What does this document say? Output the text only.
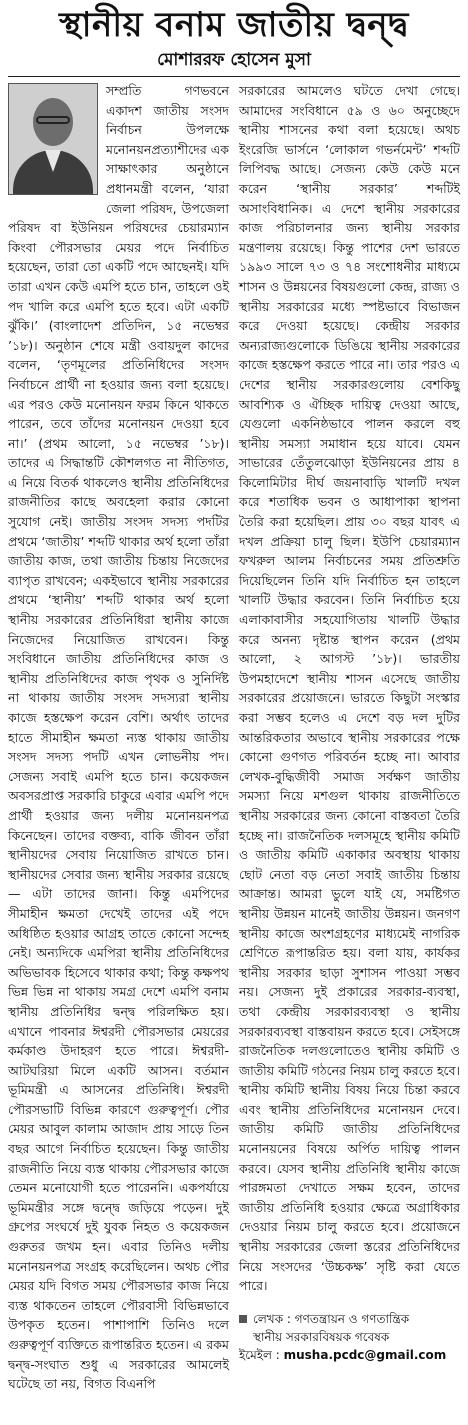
স্থানীয় বনাম জাতীয় দ্বন্দ্ব
মোশাররফ হোসেন মুসা

সম্প্রতি গণভবনে একাদশ জাতীয় সংসদ নির্বাচন উপলক্ষে মনোনয়নপ্রত্যাশীদের এক সাক্ষাৎকার অনুষ্ঠানে প্রধানমন্ত্রী বলেন, ‘যারা জেলা পরিষদ, উপজেলা পরিষদ বা ইউনিয়ন পরিষদের চেয়ারম্যান কিংবা পৌরসভার মেয়র পদে নির্বাচিত হয়েছেন, তারা তো একটি পদে আছেনই। যদি তারা এখন কেউ এমপি হতে চান, তাহলে ওই পদ খালি করে এমপি হতে হবে। এটা একটি ঝুঁকি।’ (বাংলাদেশ প্রতিদিন, ১৫ নভেম্বর ’১৮)। অনুষ্ঠান শেষে মন্ত্রী ওবায়দুল কাদের বলেন, ‘তৃণমূলের প্রতিনিধিদের সংসদ নির্বাচনে প্রার্থী না হওয়ার জন্য বলা হয়েছে। এর পরও কেউ মনোনয়ন ফরম কিনে থাকতে পারেন, তবে তাঁদের মনোনয়ন দেওয়া হবে না।’ (প্রথম আলো, ১৫ নভেম্বর ’১৮)। তাদের এ সিদ্ধান্তটি কৌশলগত না নীতিগত, এ নিয়ে বিতর্ক থাকলেও স্থানীয় প্রতিনিধিদের রাজনীতির কাছে অবহেলা করার কোনো সুযোগ নেই। জাতীয় সংসদ সদস্য পদটির প্রথমে ‘জাতীয়’ শব্দটি থাকার অর্থ হলো তাঁরা জাতীয় কাজ, তথা জাতীয় চিন্তায় নিজেদের ব্যাপৃত রাখবেন; একইভাবে স্থানীয় সরকারের প্রথমে ‘স্থানীয়’ শব্দটি থাকার অর্থ হলো স্থানীয় সরকারের প্রতিনিধিরা স্থানীয় কাজে নিজেদের নিয়োজিত রাখবেন। কিন্তু সংবিধানে জাতীয় প্রতিনিধিদের কাজ ও স্থানীয় প্রতিনিধিদের কাজ পৃথক ও সুনির্দিষ্ট না থাকায় জাতীয় সংসদ সদস্যরা স্থানীয় কাজে হস্তক্ষেপ করেন বেশি। অর্থাৎ তাদের হাতে সীমাহীন ক্ষমতা ন্যস্ত থাকায় জাতীয় সংসদ সদস্য পদটি এখন লোভনীয় পদ। সেজন্য সবাই এমপি হতে চান। কয়েকজন অবসরপ্রাপ্ত সরকারি চাকুরে এবার এমপি পদে প্রার্থী হওয়ার জন্য দলীয় মনোনয়নপত্র কিনেছেন। তাদের বক্তব্য, বাকি জীবন তাঁরা স্থানীয়দের সেবায় নিয়োজিত রাখতে চান। স্থানীয়দের সেবার জন্য স্থানীয় সরকার রয়েছে— এটা তাদের জানা। কিন্তু এমপিদের সীমাহীন ক্ষমতা দেখেই তাদের এই পদে অধিষ্ঠিত হওয়ার আগ্রহ তাতে কোনো সন্দেহ নেই। অন্যদিকে এমপিরা স্থানীয় প্রতিনিধিদের অভিভাবক হিসেবে থাকার কথা; কিন্তু কক্ষপথ ভিন্ন ভিন্ন না থাকায় সমগ্র দেশে এমপি বনাম স্থানীয় প্রতিনিধির দ্বন্দ্ব পরিলক্ষিত হয়। এখানে পাবনার ঈশ্বরদী পৌরসভার মেয়রের কর্মকাণ্ড উদাহরণ হতে পারে। ঈশ্বরদী-আটঘরিয়া মিলে একটি আসন। বর্তমান ভূমিমন্ত্রী এ আসনের প্রতিনিধি। ঈশ্বরদী পৌরসভাটি বিভিন্ন কারণে গুরুত্বপূর্ণ। পৌর মেয়র আবুল কালাম আজাদ প্রায় সাড়ে তিন বছর আগে নির্বাচিত হয়েছেন। কিন্তু জাতীয় রাজনীতি নিয়ে ব্যস্ত থাকায় পৌরসভার কাজে তেমন মনোযোগী হতে পারেননি। একপর্যায়ে ভূমিমন্ত্রীর সঙ্গে দ্বন্দ্বে জড়িয়ে পড়েন। দুই গ্রুপের সংঘর্ষে দুই যুবক নিহত ও কয়েকজন গুরুতর জখম হন। এবার তিনিও দলীয় মনোনয়নপত্র সংগ্রহ করেছিলেন। অথচ পৌর মেয়র যদি বিগত সময় পৌরসভার কাজ নিয়ে ব্যস্ত থাকতেন তাহলে পৌরবাসী বিভিন্নভাবে উপকৃত হতেন। পাশাপাশি তিনিও দলে গুরুত্বপূর্ণ ব্যক্তিতে রূপান্তরিত হতেন। এ রকম দ্বন্দ্ব-সংঘাত শুধু এ সরকারের আমলেই ঘটেছে তা নয়, বিগত বিএনপি

সরকারের আমলেও ঘটতে দেখা গেছে। আমাদের সংবিধানে ৫৯ ও ৬০ অনুচ্ছেদে স্থানীয় শাসনের কথা বলা হয়েছে। অথচ ইংরেজি ভার্সনে ‘লোকাল গভর্নমেন্ট’ শব্দটি লিপিবদ্ধ আছে। সেজন্য কেউ কেউ মনে করেন ‘স্থানীয় সরকার’ শব্দটিই অসাংবিধানিক। এ দেশে স্থানীয় সরকারের কাজ পরিচালনার জন্য স্থানীয় সরকার মন্ত্রণালয় রয়েছে। কিন্তু পাশের দেশ ভারতে ১৯৯৩ সালে ৭৩ ও ৭৪ সংশোধনীর মাধ্যমে শাসন ও উন্নয়নের বিষয়গুলো কেন্দ্র, রাজ্য ও স্থানীয় সরকারের মধ্যে স্পষ্টভাবে বিভাজন করে দেওয়া হয়েছে। কেন্দ্রীয় সরকার অন্যরাজ্যগুলোকে ডিঙিয়ে স্থানীয় সরকারের কাজে হস্তক্ষেপ করতে পারে না। তার পরও এ দেশের স্থানীয় সরকারগুলোয় বেশকিছু আবশ্যিক ও ঐচ্ছিক দায়িত্ব দেওয়া আছে, যেগুলো একনিষ্ঠভাবে পালন করলে বহু স্থানীয় সমস্যা সমাধান হয়ে যাবে। যেমন সাভারের তেঁতুলঝোড়া ইউনিয়নের প্রায় ৪ কিলোমিটার দীর্ঘ জয়নাবাড়ি খালটি দখল করে শতাধিক ভবন ও আধাপাকা স্থাপনা তৈরি করা হয়েছিল। প্রায় ৩০ বছর যাবৎ এ দখল প্রক্রিয়া চালু ছিল। ইউপি চেয়ারম্যান ফখরুল আলম নির্বাচনের সময় প্রতিশ্রুতি দিয়েছিলেন তিনি যদি নির্বাচিত হন তাহলে খালটি উদ্ধার করবেন। তিনি নির্বাচিত হয়ে এলাকাবাসীর সহযোগিতায় খালটি উদ্ধার করে অনন্য দৃষ্টান্ত স্থাপন করেন (প্রথম আলো, ২ আগস্ট ’১৮)। ভারতীয় উপমহাদেশে স্থানীয় শাসন এসেছে জাতীয় সরকারের প্রয়োজনে। ভারতে কিছুটা সংস্কার করা সম্ভব হলেও এ দেশে বড় দল দুটির আন্তরিকতার অভাবে স্থানীয় সরকারের পক্ষে কোনো গুণগত পরিবর্তন হচ্ছে না। আবার লেখক-বুদ্ধিজীবী সমাজ সর্বক্ষণ জাতীয় সমস্যা নিয়ে মশগুল থাকায় রাজনীতিতে স্থানীয় সরকারের জন্য কোনো বাস্তবতা তৈরি হচ্ছে না। রাজনৈতিক দলসমূহে স্থানীয় কমিটি ও জাতীয় কমিটি একাকার অবস্থায় থাকায় ছোট নেতা বড় নেতা সবাই জাতীয় চিন্তায় আক্রান্ত। আমরা ভুলে যাই যে, সমষ্টিগত স্থানীয় উন্নয়ন মানেই জাতীয় উন্নয়ন। জনগণ স্থানীয় কাজে অংশগ্রহণের মাধ্যমেই নাগরিক শ্রেণিতে রূপান্তরিত হয়। বলা যায়, কার্যকর স্থানীয় সরকার ছাড়া সুশাসন পাওয়া সম্ভব নয়। সেজন্য দুই প্রকারের সরকার-ব্যবস্থা, তথা কেন্দ্রীয় সরকারব্যবস্থা ও স্থানীয় সরকারব্যবস্থা বাস্তবায়ন করতে হবে। সেইসঙ্গে রাজনৈতিক দলগুলোতেও স্থানীয় কমিটি ও জাতীয় কমিটি গঠনের নিয়ম চালু করতে হবে। স্থানীয় কমিটি স্থানীয় বিষয় নিয়ে চিন্তা করবে এবং স্থানীয় প্রতিনিধিদের মনোনয়ন দেবে। জাতীয় কমিটি জাতীয় প্রতিনিধিদের মনোনয়নের বিষয়ে অর্পিত দায়িত্ব পালন করবে। যেসব স্থানীয় প্রতিনিধি স্থানীয় কাজে পারঙ্গমতা দেখাতে সক্ষম হবেন, তাদের জাতীয় প্রতিনিধি হওয়ার ক্ষেত্রে অগ্রাধিকার দেওয়ার নিয়ম চালু করতে হবে। প্রয়োজনে স্থানীয় সরকারের জেলা স্তরের প্রতিনিধিদের নিয়ে সংসদের ‘উচ্চকক্ষ’ সৃষ্টি করা যেতে পারে।

লেখক : গণতন্ত্রায়ন ও গণতান্ত্রিক
স্থানীয় সরকারবিষয়ক গবেষক
ইমেইল : musha.pcdc@gmail.com
